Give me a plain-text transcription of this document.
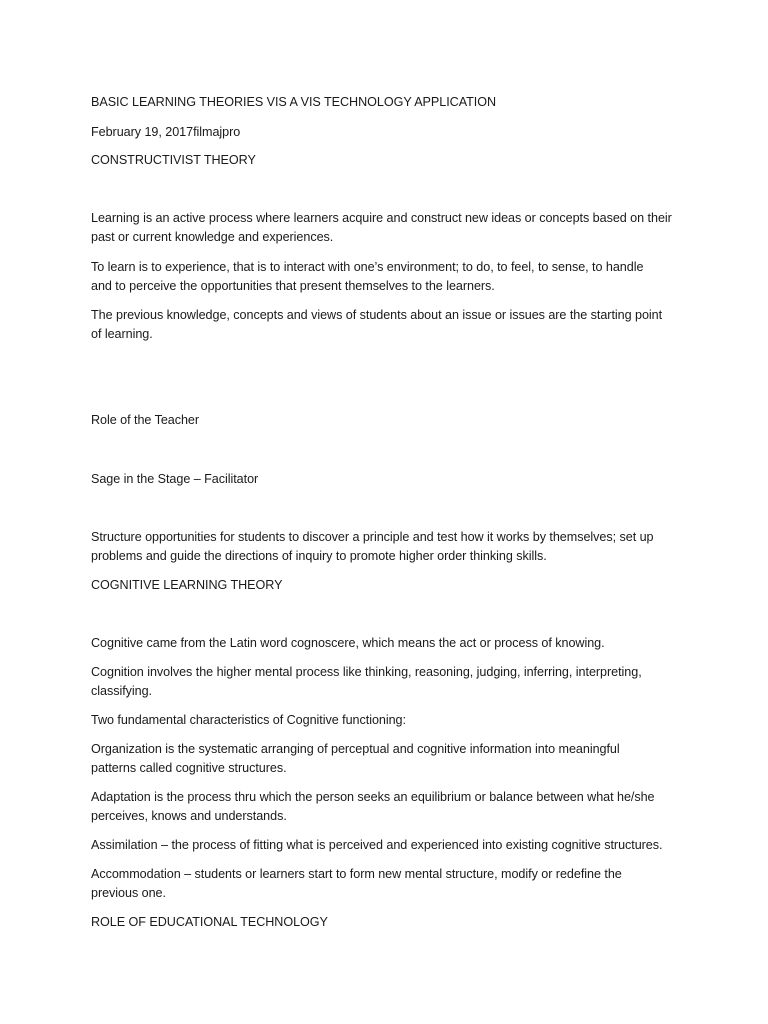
BASIC LEARNING THEORIES VIS A VIS TECHNOLOGY APPLICATION

February 19, 2017filmajpro

CONSTRUCTIVIST THEORY

Learning is an active process where learners acquire and construct new ideas or concepts based on their

past or current knowledge and experiences.

To learn is to experience, that is to interact with one’s environment; to do, to feel, to sense, to handle

and to perceive the opportunities that present themselves to the learners.

The previous knowledge, concepts and views of students about an issue or issues are the starting point

of learning.

Role of the Teacher

Sage in the Stage – Facilitator

Structure opportunities for students to discover a principle and test how it works by themselves; set up

problems and guide the directions of inquiry to promote higher order thinking skills.

COGNITIVE LEARNING THEORY

Cognitive came from the Latin word cognoscere, which means the act or process of knowing.

Cognition involves the higher mental process like thinking, reasoning, judging, inferring, interpreting,

classifying.

Two fundamental characteristics of Cognitive functioning:

Organization is the systematic arranging of perceptual and cognitive information into meaningful

patterns called cognitive structures.

Adaptation is the process thru which the person seeks an equilibrium or balance between what he/she

perceives, knows and understands.

Assimilation – the process of fitting what is perceived and experienced into existing cognitive structures.

Accommodation – students or learners start to form new mental structure, modify or redefine the

previous one.

ROLE OF EDUCATIONAL TECHNOLOGY
